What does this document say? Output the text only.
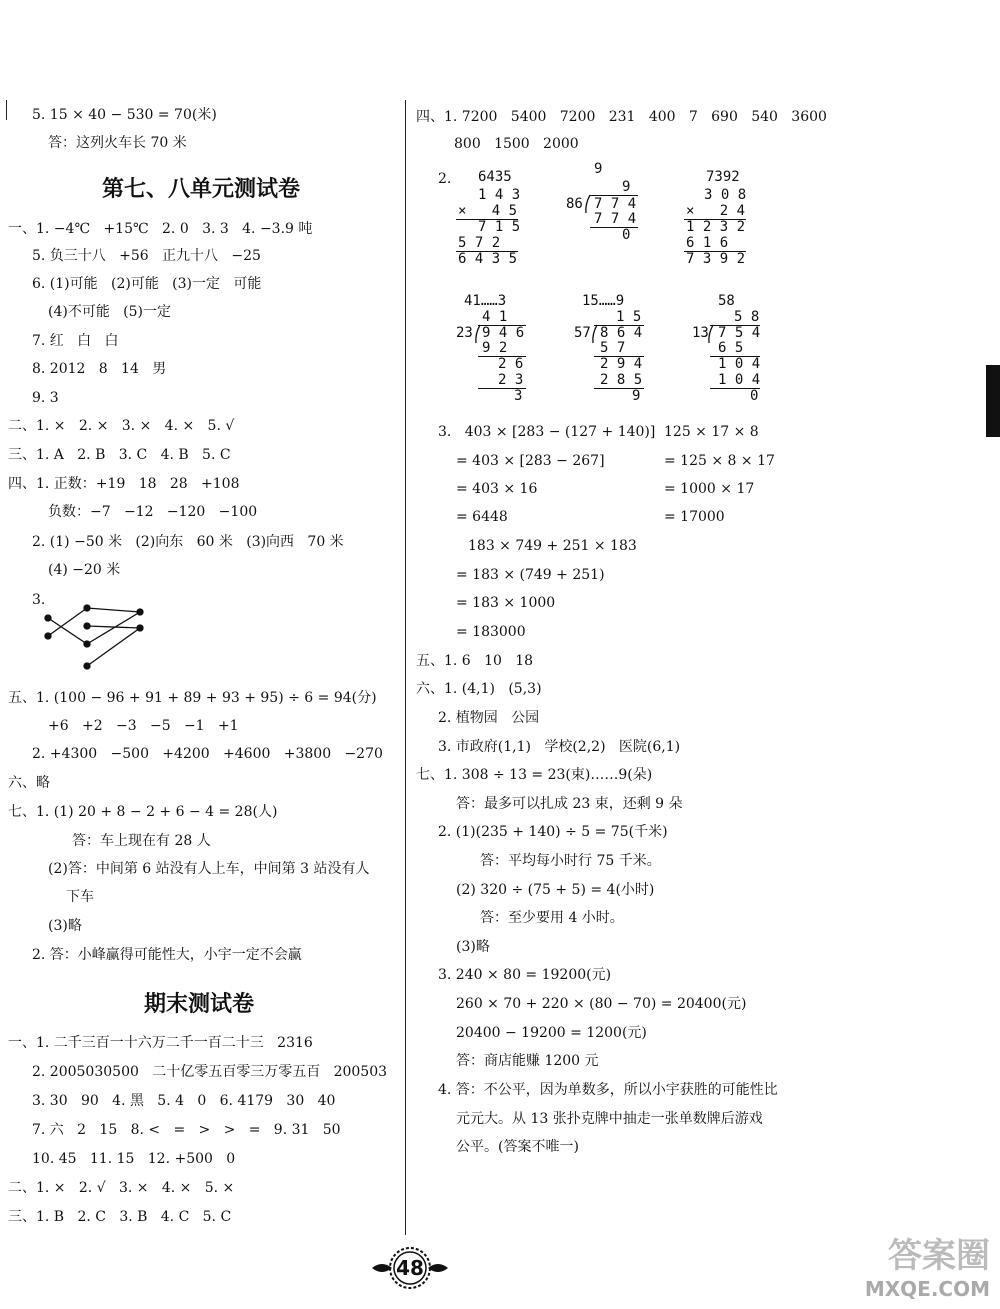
5. 15 × 40 − 530 = 70(米)
答：这列火车长 70 米
第七、八单元测试卷
一、1. −4℃   +15℃   2. 0   3. 3   4. −3.9 吨
5. 负三十八   +56   正九十八   −25
6. (1)可能   (2)可能   (3)一定   可能
(4)不可能   (5)一定
7. 红   白   白
8. 2012   8   14   男
9. 3
二、1. ×   2. ×   3. ×   4. ×   5. √
三、1. A   2. B   3. C   4. B   5. C
四、1. 正数：+19   18   28   +108
负数：−7   −12   −120   −100
2. (1) −50 米   (2)向东   60 米   (3)向西   70 米
(4) −20 米
3.
五、1. (100 − 96 + 91 + 89 + 93 + 95) ÷ 6 = 94(分)
+6   +2   −3   −5   −1   +1
2. +4300   −500   +4200   +4600   +3800   −270
六、略
七、1. (1) 20 + 8 − 2 + 6 − 4 = 28(人)
答：车上现在有 28 人
(2)答：中间第 6 站没有人上车，中间第 3 站没有人
下车
(3)略
2. 答：小峰赢得可能性大，小宇一定不会赢
期末测试卷
一、1. 二千三百一十六万二千一百二十三   2316
2. 2005030500   二十亿零五百零三万零五百   200503
3. 30   90   4. 黑   5. 4   0   6. 4179   30   40
7. 六   2   15   8. <   =   >   >   =   9. 31   50
10. 45   11. 15   12. +500   0
二、1. ×   2. √   3. ×   4. ×   5. ×
三、1. B   2. C   3. B   4. C   5. C
四、1. 7200   5400   7200   231   400   7   690   540   3600
800   1500   2000
2. 6435
1 4 3
×   4 5
7 1 5
5 7 2
6 4 3 5
9
9
86 7 7 4
7 7 4
0
7392
3 0 8
×   2 4
1 2 3 2
6 1 6
7 3 9 2
41……3
4 1
23 9 4 6
9 2
2 6
2 3
3
15……9
1 5
57 8 6 4
5 7
2 9 4
2 8 5
9
58
5 8
13 7 5 4
6 5
1 0 4
1 0 4
0
3.   403 × [283 − (127 + 140)] 125 × 17 × 8
= 403 × [283 − 267]	= 125 × 8 × 17
= 403 × 16	= 1000 × 17
= 6448	= 17000
183 × 749 + 251 × 183
= 183 × (749 + 251)
= 183 × 1000
= 183000
五、1. 6   10   18
六、1. (4,1)   (5,3)
2. 植物园   公园
3. 市政府(1,1)   学校(2,2)   医院(6,1)
七、1. 308 ÷ 13 = 23(束)……9(朵)
答：最多可以扎成 23 束，还剩 9 朵
2. (1)(235 + 140) ÷ 5 = 75(千米)
答：平均每小时行 75 千米。
(2) 320 ÷ (75 + 5) = 4(小时)
答：至少要用 4 小时。
(3)略
3. 240 × 80 = 19200(元)
260 × 70 + 220 × (80 − 70) = 20400(元)
20400 − 19200 = 1200(元)
答：商店能赚 1200 元
4. 答：不公平，因为单数多，所以小宇获胜的可能性比
元元大。从 13 张扑克牌中抽走一张单数牌后游戏
公平。(答案不唯一)
48	答案圈
MXQE.COM
